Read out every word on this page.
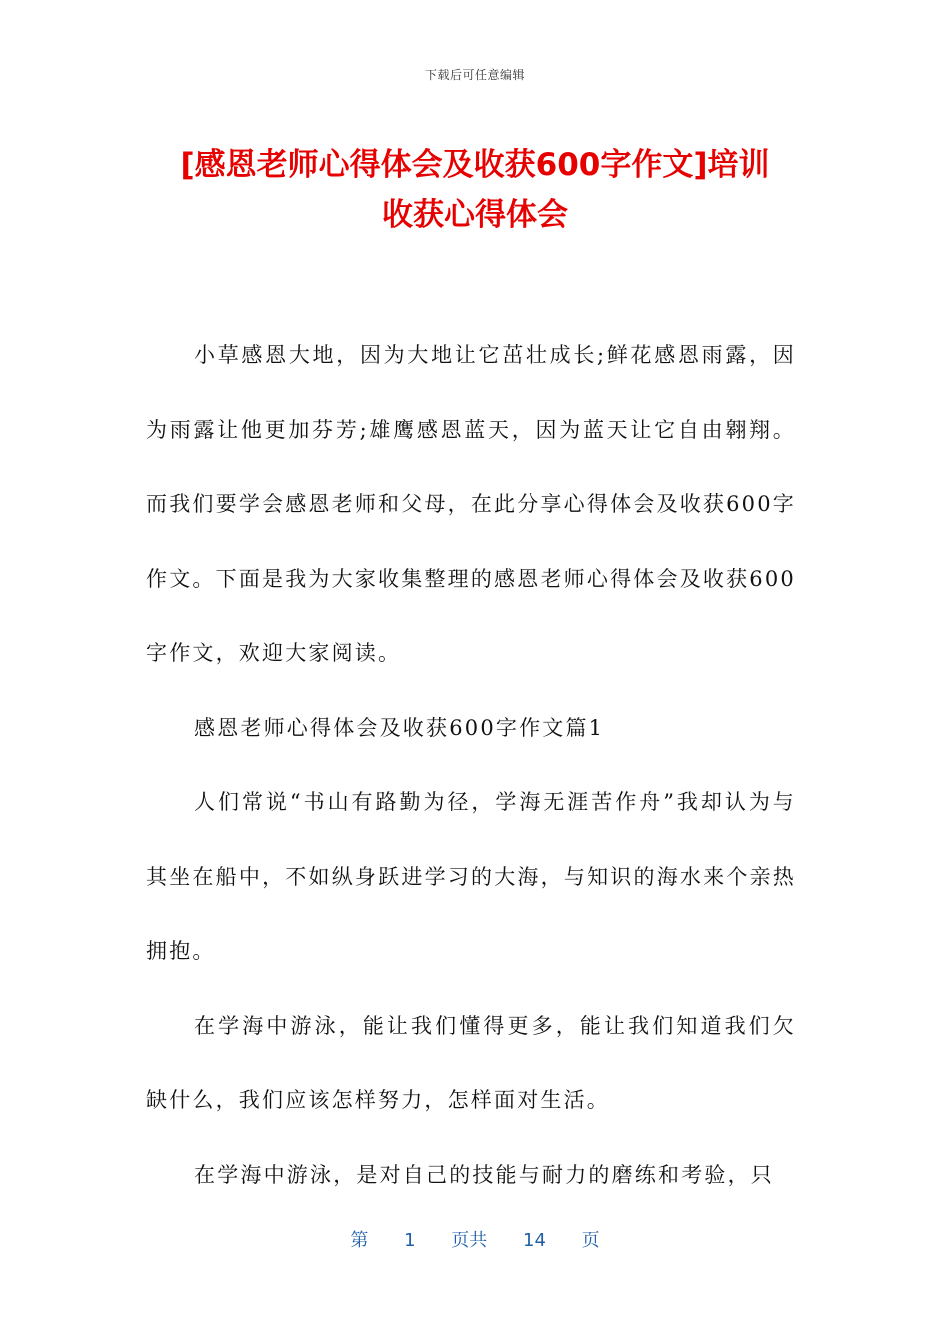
下载后可任意编辑
[感恩老师心得体会及收获600字作文]培训
收获心得体会

小草感恩大地，因为大地让它茁壮成长;鲜花感恩雨露，因为雨露让他更加芬芳;雄鹰感恩蓝天，因为蓝天让它自由翱翔。而我们要学会感恩老师和父母，在此分享心得体会及收获600字作文。下面是我为大家收集整理的感恩老师心得体会及收获600字作文，欢迎大家阅读。

感恩老师心得体会及收获600字作文篇1

人们常说“书山有路勤为径，学海无涯苦作舟”我却认为与其坐在船中，不如纵身跃进学习的大海，与知识的海水来个亲热拥抱。

在学海中游泳，能让我们懂得更多，能让我们知道我们欠缺什么，我们应该怎样努力，怎样面对生活。

在学海中游泳，是对自己的技能与耐力的磨练和考验，只

第 1 页共 14 页
